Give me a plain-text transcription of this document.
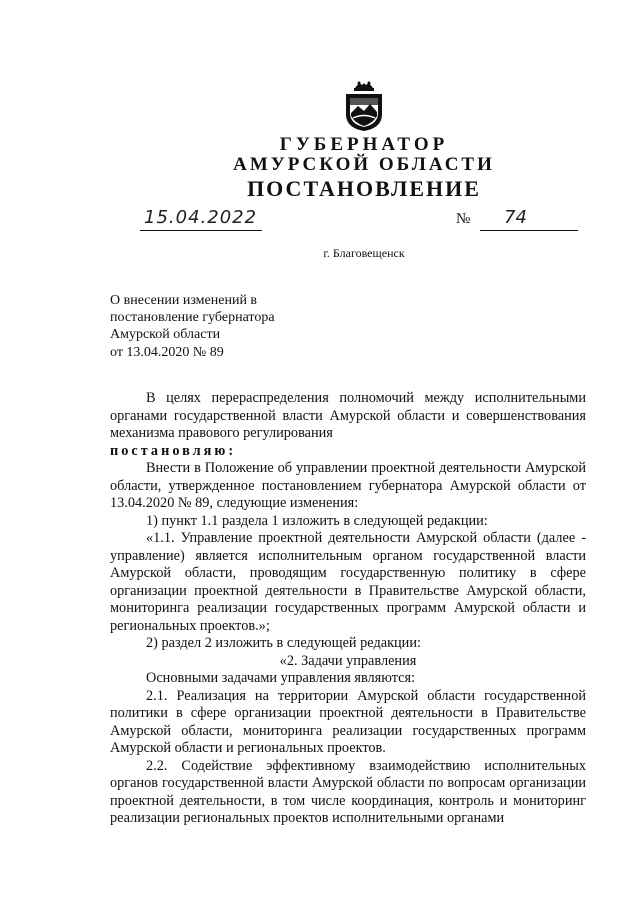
ГУБЕРНАТОР
АМУРСКОЙ ОБЛАСТИ
ПОСТАНОВЛЕНИЕ
15.04.2022	№ 74
г. Благовещенск
О внесении изменений в
постановление губернатора
Амурской области
от 13.04.2020 № 89

В целях перераспределения полномочий между исполнительными органами государственной власти Амурской области и совершенствования механизма правового регулирования

постановляю:

Внести в Положение об управлении проектной деятельности Амурской области, утвержденное постановлением губернатора Амурской области от 13.04.2020 № 89, следующие изменения:

1) пункт 1.1 раздела 1 изложить в следующей редакции:

«1.1. Управление проектной деятельности Амурской области (далее - управление) является исполнительным органом государственной власти Амурской области, проводящим государственную политику в сфере организации проектной деятельности в Правительстве Амурской области, мониторинга реализации государственных программ Амурской области и региональных проектов.»;

2) раздел 2 изложить в следующей редакции:

«2. Задачи управления

Основными задачами управления являются:

2.1. Реализация на территории Амурской области государственной политики в сфере организации проектной деятельности в Правительстве Амурской области, мониторинга реализации государственных программ Амурской области и региональных проектов.

2.2. Содействие эффективному взаимодействию исполнительных органов государственной власти Амурской области по вопросам организации проектной деятельности, в том числе координация, контроль и мониторинг реализации региональных проектов исполнительными органами
